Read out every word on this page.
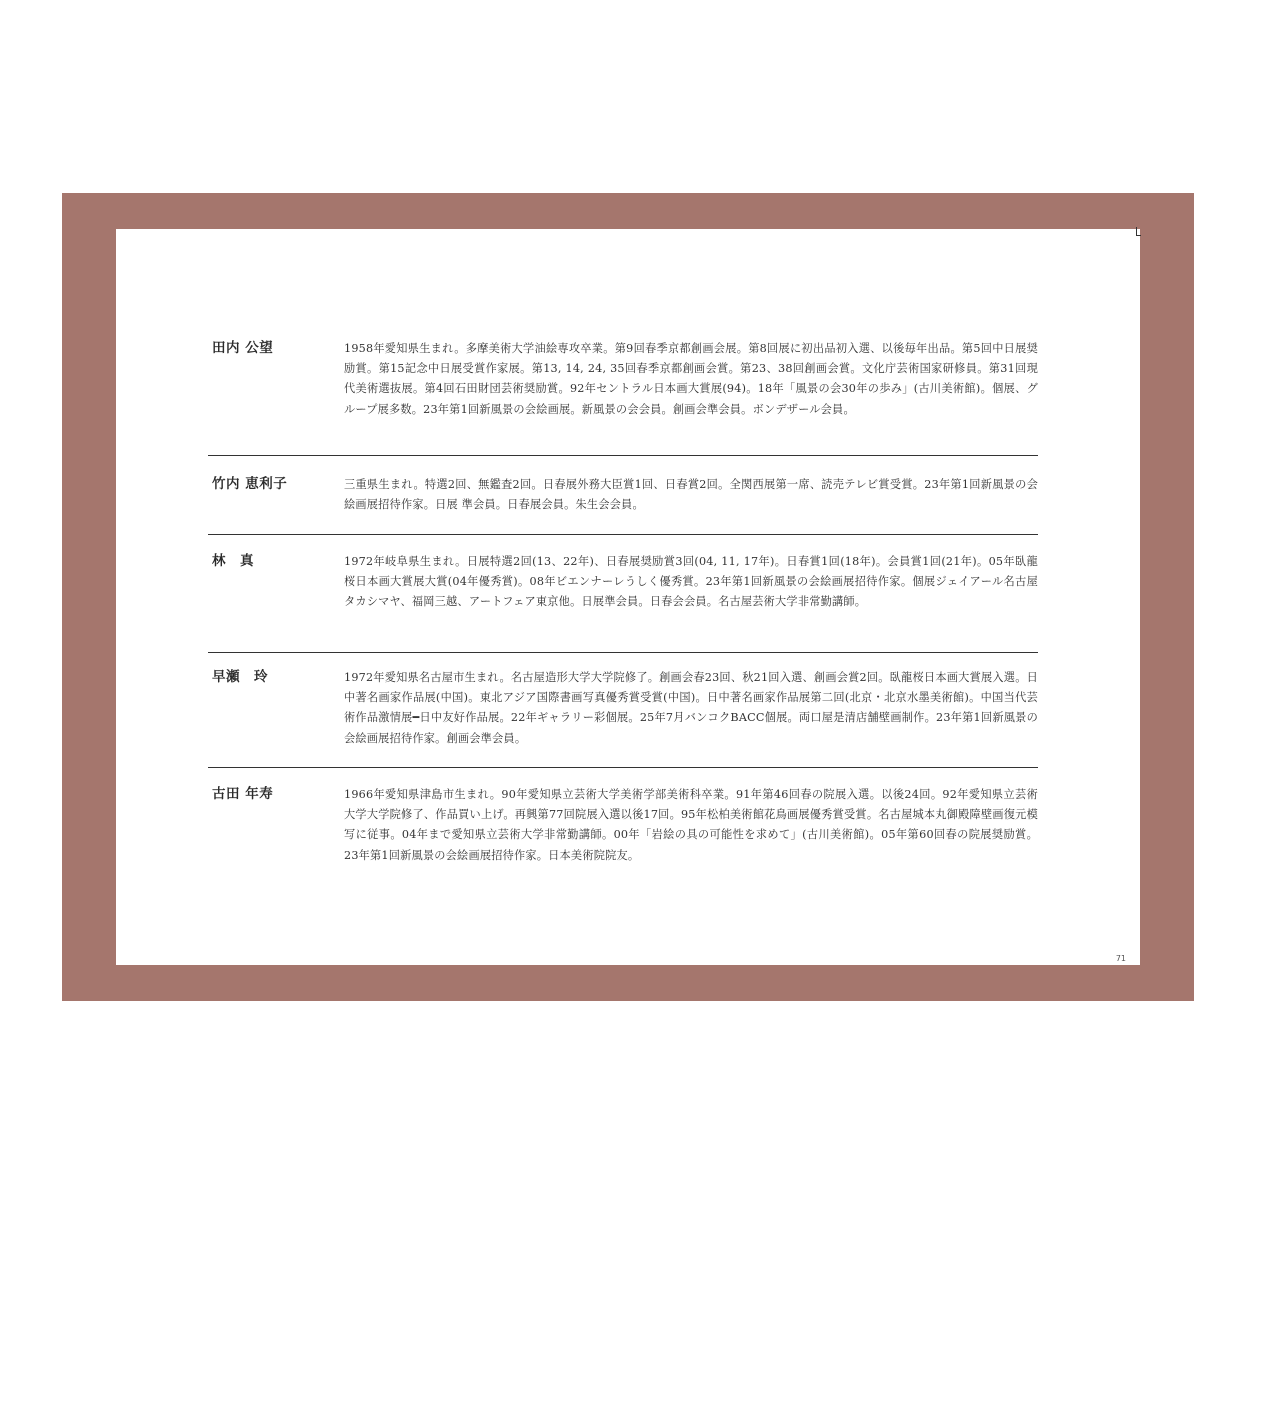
田内 公望	1958年愛知県生まれ。多摩美術大学油絵専攻卒業。第9回春季京都創画会展。第8回展に初出品初入選、以後毎年出品。第5回中日展奨励賞。第15記念中日展受賞作家展。第13, 14, 24, 35回春季京都創画会賞。第23、38回創画会賞。文化庁芸術国家研修員。第31回現代美術選抜展。第4回石田財団芸術奨励賞。92年セントラル日本画大賞展(94)。18年「風景の会30年の歩み」(古川美術館)。個展、グループ展多数。23年第1回新風景の会絵画展。新風景の会会員。創画会準会員。ボンデザール会員。
竹内 恵利子	三重県生まれ。特選2回、無鑑査2回。日春展外務大臣賞1回、日春賞2回。全関西展第一席、読売テレビ賞受賞。23年第1回新風景の会絵画展招待作家。日展 準会員。日春展会員。朱生会会員。
林　真	1972年岐阜県生まれ。日展特選2回(13、22年)、日春展奨励賞3回(04, 11, 17年)。日春賞1回(18年)。会員賞1回(21年)。05年臥龍桜日本画大賞展大賞(04年優秀賞)。08年ビエンナーレうしく優秀賞。23年第1回新風景の会絵画展招待作家。個展ジェイアール名古屋タカシマヤ、福岡三越、アートフェア東京他。日展準会員。日春会会員。名古屋芸術大学非常勤講師。
早瀬　玲	1972年愛知県名古屋市生まれ。名古屋造形大学大学院修了。創画会春23回、秋21回入選、創画会賞2回。臥龍桜日本画大賞展入選。日中著名画家作品展(中国)。東北アジア国際書画写真優秀賞受賞(中国)。日中著名画家作品展第二回(北京・北京水墨美術館)。中国当代芸術作品激情展━日中友好作品展。22年ギャラリー彩個展。25年7月バンコクBACC個展。両口屋是清店舗壁画制作。23年第1回新風景の会絵画展招待作家。創画会準会員。
古田 年寿	1966年愛知県津島市生まれ。90年愛知県立芸術大学美術学部美術科卒業。91年第46回春の院展入選。以後24回。92年愛知県立芸術大学大学院修了、作品買い上げ。再興第77回院展入選以後17回。95年松柏美術館花鳥画展優秀賞受賞。名古屋城本丸御殿障壁画復元模写に従事。04年まで愛知県立芸術大学非常勤講師。00年「岩絵の具の可能性を求めて」(古川美術館)。05年第60回春の院展奨励賞。23年第1回新風景の会絵画展招待作家。日本美術院院友。
71
